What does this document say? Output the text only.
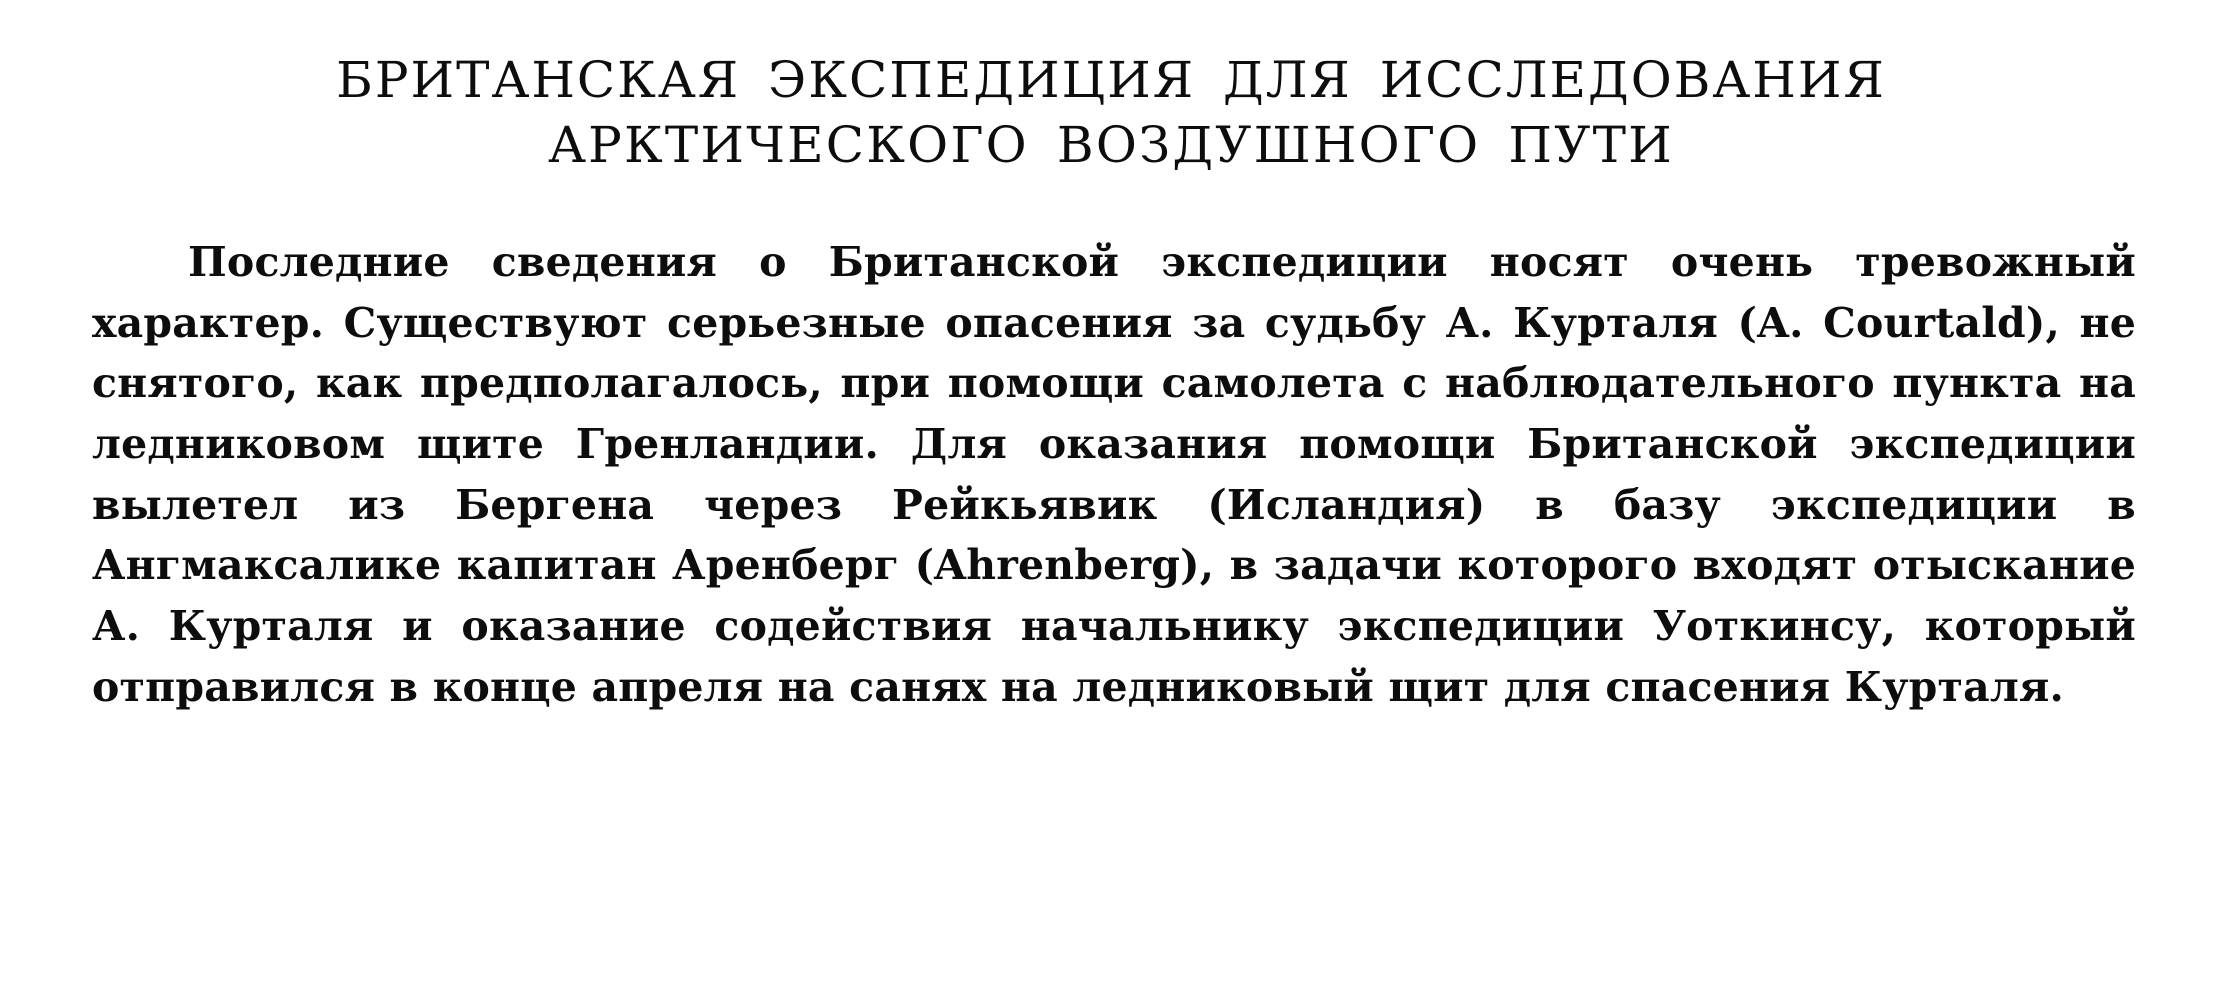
БРИТАНСКАЯ ЭКСПЕДИЦИЯ ДЛЯ ИССЛЕДОВАНИЯ
АРКТИЧЕСКОГО ВОЗДУШНОГО ПУТИ

Последние сведения о Британской экспедиции носят очень тревожный характер. Существуют серьезные опасения за судьбу А. Курталя (A. Courtald), не снятого, как предполагалось, при помощи самолета с наблюдательного пункта на ледниковом щите Гренландии. Для оказания помощи Британской экспедиции вылетел из Бергена через Рейкьявик (Исландия) в базу экспедиции в Ангмаксалике капитан Аренберг (Ahrenberg), в задачи которого входят отыскание А. Курталя и оказание содействия начальнику экспедиции Уоткинсу, который отправился в конце апреля на санях на ледниковый щит для спасения Курталя.
